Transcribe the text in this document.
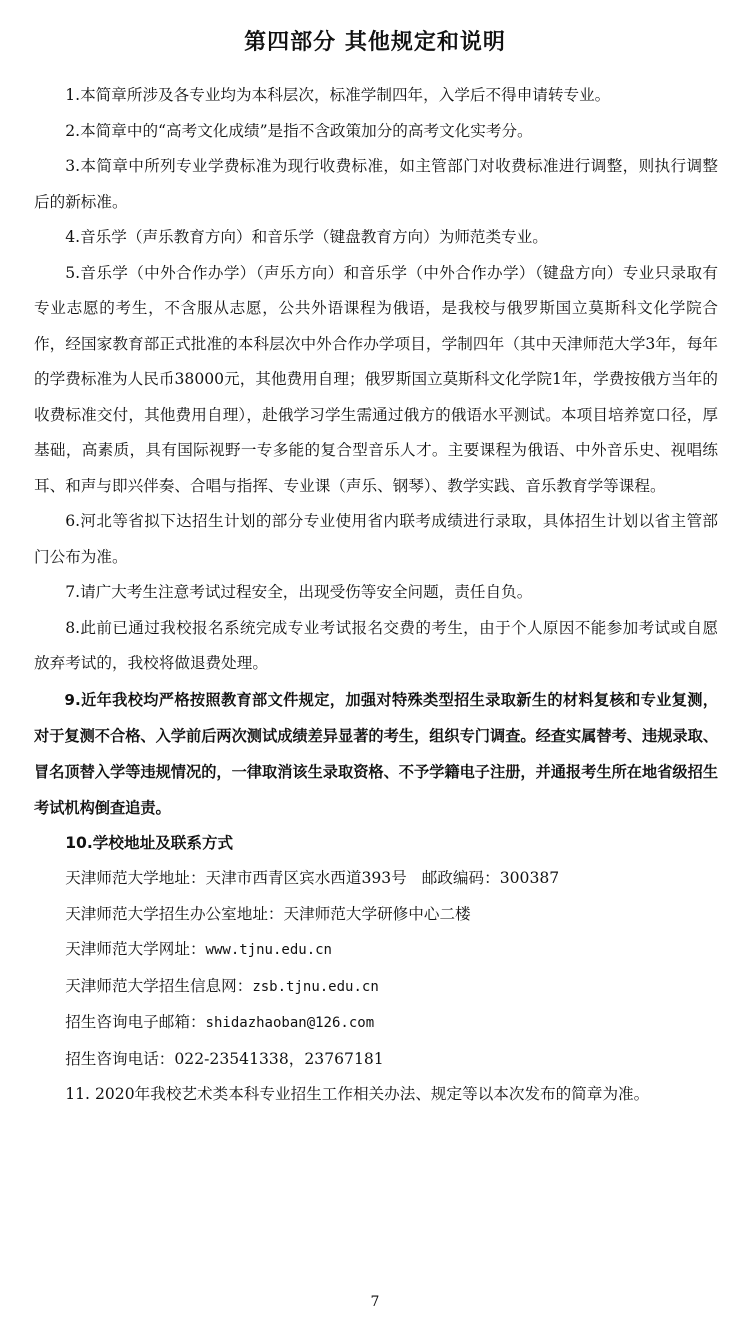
第四部分 其他规定和说明

1.本简章所涉及各专业均为本科层次，标准学制四年，入学后不得申请转专业。

2.本简章中的“高考文化成绩”是指不含政策加分的高考文化实考分。

3.本简章中所列专业学费标准为现行收费标准，如主管部门对收费标准进行调整，则执行调整后的新标准。

4.音乐学（声乐教育方向）和音乐学（键盘教育方向）为师范类专业。

5.音乐学（中外合作办学）（声乐方向）和音乐学（中外合作办学）（键盘方向）专业只录取有专业志愿的考生，不含服从志愿，公共外语课程为俄语，是我校与俄罗斯国立莫斯科文化学院合作，经国家教育部正式批准的本科层次中外合作办学项目，学制四年（其中天津师范大学3年，每年的学费标准为人民币38000元，其他费用自理；俄罗斯国立莫斯科文化学院1年，学费按俄方当年的收费标准交付，其他费用自理），赴俄学习学生需通过俄方的俄语水平测试。本项目培养宽口径，厚基础，高素质，具有国际视野一专多能的复合型音乐人才。主要课程为俄语、中外音乐史、视唱练耳、和声与即兴伴奏、合唱与指挥、专业课（声乐、钢琴）、教学实践、音乐教育学等课程。

6.河北等省拟下达招生计划的部分专业使用省内联考成绩进行录取，具体招生计划以省主管部门公布为准。

7.请广大考生注意考试过程安全，出现受伤等安全问题，责任自负。

8.此前已通过我校报名系统完成专业考试报名交费的考生，由于个人原因不能参加考试或自愿放弃考试的，我校将做退费处理。

9.近年我校均严格按照教育部文件规定，加强对特殊类型招生录取新生的材料复核和专业复测，对于复测不合格、入学前后两次测试成绩差异显著的考生，组织专门调查。经查实属替考、违规录取、冒名顶替入学等违规情况的，一律取消该生录取资格、不予学籍电子注册，并通报考生所在地省级招生考试机构倒查追责。

10.学校地址及联系方式

天津师范大学地址：天津市西青区宾水西道393号 邮政编码：300387

天津师范大学招生办公室地址：天津师范大学研修中心二楼

天津师范大学网址：www.tjnu.edu.cn

天津师范大学招生信息网：zsb.tjnu.edu.cn

招生咨询电子邮箱：shidazhaoban@126.com

招生咨询电话：022-23541338，23767181

11. 2020年我校艺术类本科专业招生工作相关办法、规定等以本次发布的简章为准。

7
